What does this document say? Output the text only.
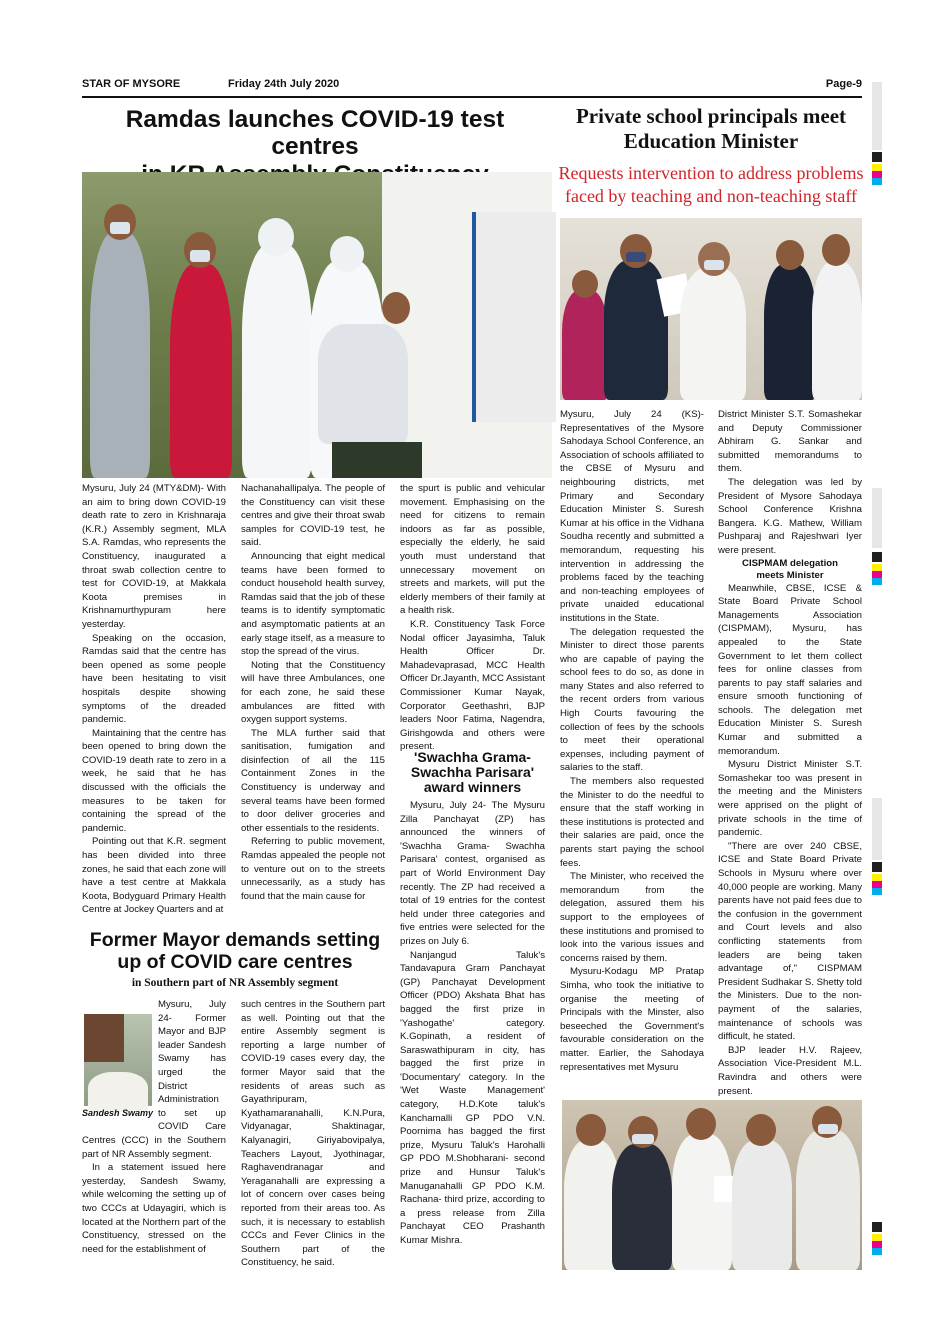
STAR OF MYSORE	Friday 24th July 2020	Page-9
Ramdas launches COVID-19 test centres

Mysuru, July 24 (MTY&DM)- With an aim to bring down COVID-19 death rate to zero in Krishnaraja (K.R.) Assembly segment, MLA S.A. Ramdas, who represents the Constituency, inaugurated a throat swab collection centre to test for COVID-19, at Makkala Koota premises in Krishnamurthypuram here yesterday.

Speaking on the occasion, Ramdas said that the centre has been opened as some people have been hesitating to visit hospitals despite showing symptoms of the dreaded pandemic.

Maintaining that the centre has been opened to bring down the COVID-19 death rate to zero in a week, he said that he has discussed with the officials the measures to be taken for containing the spread of the pandemic.

Pointing out that K.R. segment has been divided into three zones, he said that each zone will have a test centre at Makkala Koota, Bodyguard Primary Health Centre at Jockey Quarters and at

Nachanahallipalya. The people of the Constituency can visit these centres and give their throat swab samples for COVID-19 test, he said.

Announcing that eight medical teams have been formed to conduct household health survey, Ramdas said that the job of these teams is to identify symptomatic and asymptomatic patients at an early stage itself, as a measure to stop the spread of the virus.

Noting that the Constituency will have three Ambulances, one for each zone, he said these ambulances are fitted with oxygen support systems.

The MLA further said that sanitisation, fumigation and disinfection of all the 115 Containment Zones in the Constituency is underway and several teams have been formed to door deliver groceries and other essentials to the residents.

Referring to public movement, Ramdas appealed the people not to venture out on to the streets unnecessarily, as a study has found that the main cause for

the spurt is public and vehicular movement. Emphasising on the need for citizens to remain indoors as far as possible, especially the elderly, he said youth must understand that unnecessary movement on streets and markets, will put the elderly members of their family at a health risk.

K.R. Constituency Task Force Nodal officer Jayasimha, Taluk Health Officer Dr. Mahadevaprasad, MCC Health Officer Dr.Jayanth, MCC Assistant Commissioner Kumar Nayak, Corporator Geethashri, BJP leaders Noor Fatima, Nagendra, Girishgowda and others were present.

'Swachha Grama-
Swachha Parisara'
award winners

Mysuru, July 24- The Mysuru Zilla Panchayat (ZP) has announced the winners of 'Swachha Grama- Swachha Parisara' contest, organised as part of World Environment Day recently. The ZP had received a total of 19 entries for the contest held under three categories and five entries were selected for the prizes on July 6.

Nanjangud Taluk's Tandavapura Gram Panchayat (GP) Panchayat Development Officer (PDO) Akshata Bhat has bagged the first prize in 'Yashogathe' category. K.Gopinath, a resident of Saraswathipuram in city, has bagged the first prize in 'Documentary' category. In the 'Wet Waste Management' category, H.D.Kote taluk's Kanchamalli GP PDO V.N. Poornima has bagged the first prize, Mysuru Taluk's Harohalli GP PDO M.Shobharani- second prize and Hunsur Taluk's Manuganahalli GP PDO K.M. Rachana- third prize, according to a press release from Zilla Panchayat CEO Prashanth Kumar Mishra.

Former Mayor demands setting
up of COVID care centres
in Southern part of NR Assembly segment
Sandesh Swamy

Mysuru, July 24- Former Mayor and BJP leader Sandesh Swamy has urged the District Administration to set up COVID Care Centres (CCC) in the Southern part of NR Assembly segment.

In a statement issued here yesterday, Sandesh Swamy, while welcoming the setting up of two CCCs at Udayagiri, which is located at the Northern part of the Constituency, stressed on the need for the establishment of

such centres in the Southern part as well. Pointing out that the entire Assembly segment is reporting a large number of COVID-19 cases every day, the former Mayor said that the residents of areas such as Gayathripuram, Kyathamaranahalli, K.N.Pura, Vidyanagar, Shaktinagar, Kalyanagiri, Giriyabovipalya, Teachers Layout, Jyothinagar, Raghavendranagar and Yeraganahalli are expressing a lot of concern over cases being reported from their areas too. As such, it is necessary to establish CCCs and Fever Clinics in the Southern part of the Constituency, he said.

Private school principals meet
Education Minister
Requests intervention to address problems
faced by teaching and non-teaching staff

Mysuru, July 24 (KS)- Representatives of the Mysore Sahodaya School Conference, an Association of schools affiliated to the CBSE of Mysuru and neighbouring districts, met Primary and Secondary Education Minister S. Suresh Kumar at his office in the Vidhana Soudha recently and submitted a memorandum, requesting his intervention in addressing the problems faced by the teaching and non-teaching employees of private unaided educational institutions in the State.

The delegation requested the Minister to direct those parents who are capable of paying the school fees to do so, as done in many States and also referred to the recent orders from various High Courts favouring the collection of fees by the schools to meet their operational expenses, including payment of salaries to the staff.

The members also requested the Minister to do the needful to ensure that the staff working in these institutions is protected and their salaries are paid, once the parents start paying the school fees.

The Minister, who received the memorandum from the delegation, assured them his support to the employees of these institutions and promised to look into the various issues and concerns raised by them.

Mysuru-Kodagu MP Pratap Simha, who took the initiative to organise the meeting of Principals with the Minster, also beseeched the Government's favourable consideration on the matter. Earlier, the Sahodaya representatives met Mysuru

District Minister S.T. Somashekar and Deputy Commissioner Abhiram G. Sankar and submitted memorandums to them.

The delegation was led by President of Mysore Sahodaya School Conference Krishna Bangera. K.G. Mathew, William Pushparaj and Rajeshwari Iyer were present.

CISPMAM delegation
meets Minister

Meanwhile, CBSE, ICSE & State Board Private School Managements Association (CISPMAM), Mysuru, has appealed to the State Government to let them collect fees for online classes from parents to pay staff salaries and ensure smooth functioning of schools. The delegation met Education Minister S. Suresh Kumar and submitted a memorandum.

Mysuru District Minister S.T. Somashekar too was present in the meeting and the Ministers were apprised on the plight of private schools in the time of pandemic.

"There are over 240 CBSE, ICSE and State Board Private Schools in Mysuru where over 40,000 people are working. Many parents have not paid fees due to the confusion in the government and Court levels and also conflicting statements from leaders are being taken advantage of," CISPMAM President Sudhakar S. Shetty told the Ministers. Due to the non-payment of the salaries, maintenance of schools was difficult, he stated.

BJP leader H.V. Rajeev, Association Vice-President M.L. Ravindra and others were present.
